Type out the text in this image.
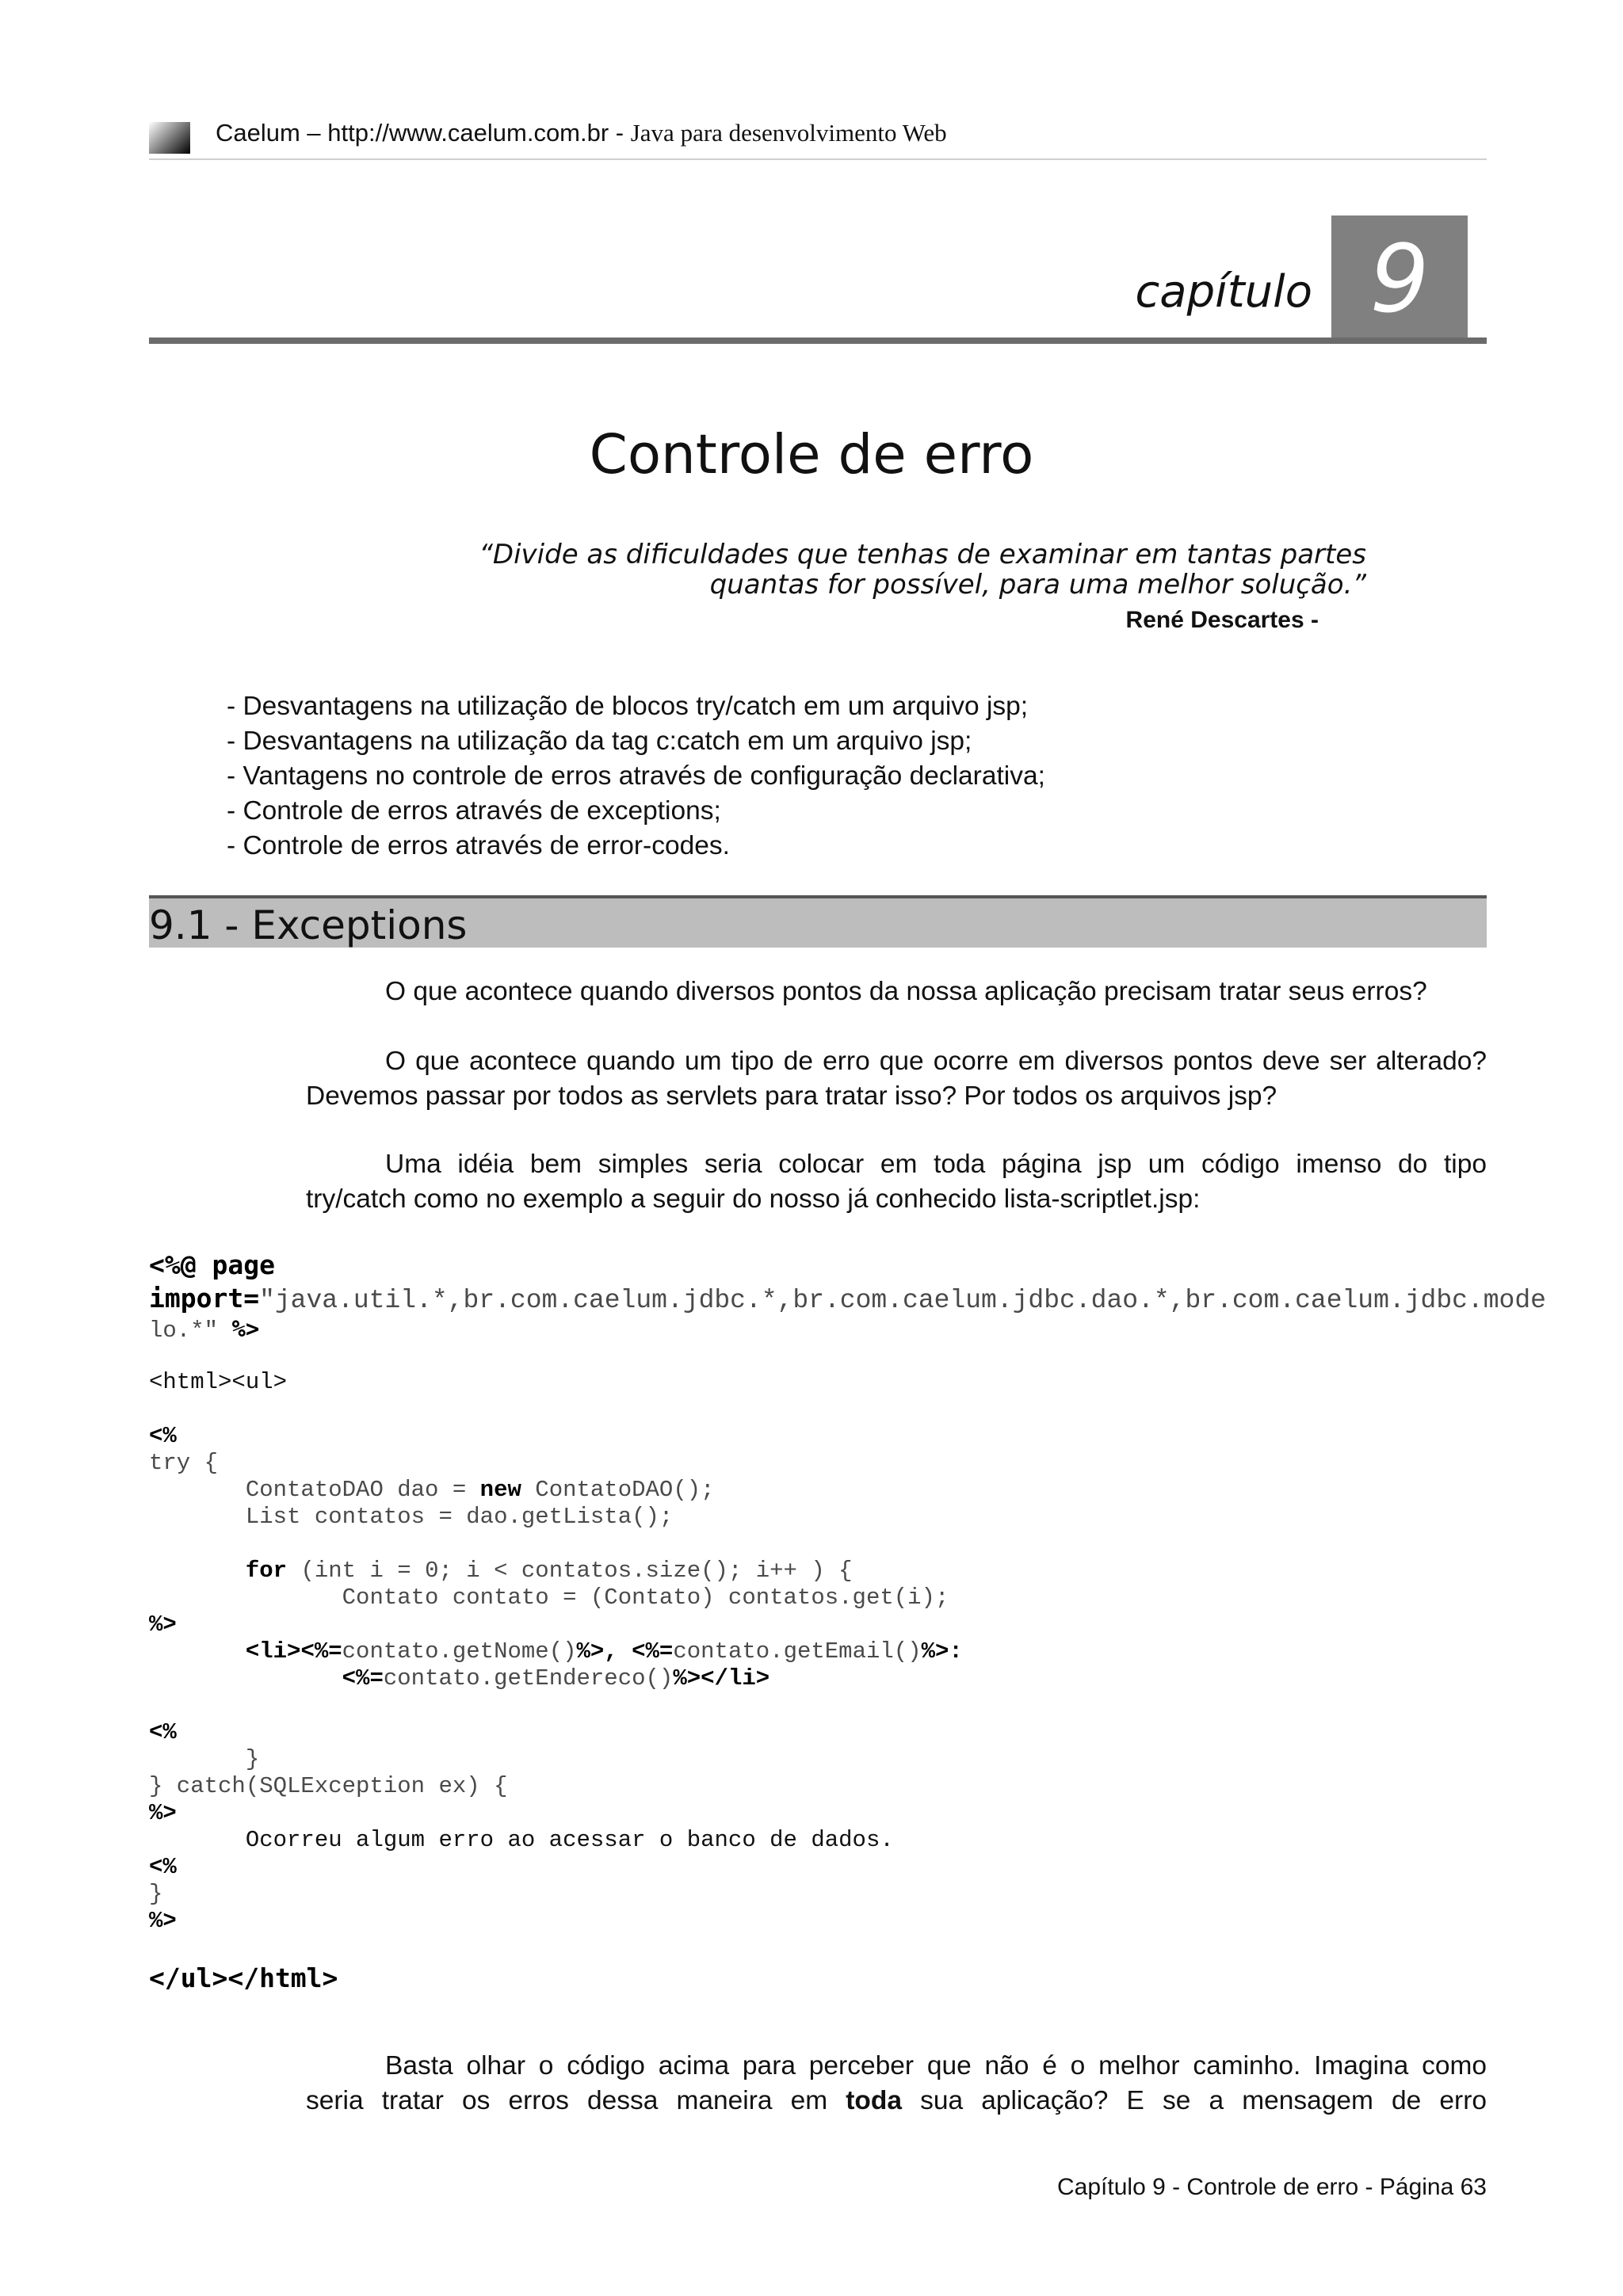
Caelum – http://www.caelum.com.br - Java para desenvolvimento Web
capítulo 9
Controle de erro
“Divide as dificuldades que tenhas de examinar em tantas partes
quantas for possível, para uma melhor solução.”
René Descartes -
- Desvantagens na utilização de blocos try/catch em um arquivo jsp;
- Desvantagens na utilização da tag c:catch em um arquivo jsp;
- Vantagens no controle de erros através de configuração declarativa;
- Controle de erros através de exceptions;
- Controle de erros através de error-codes.
9.1 - Exceptions
O que acontece quando diversos pontos da nossa aplicação precisam tratar seus erros?
O que acontece quando um tipo de erro que ocorre em diversos pontos deve ser alterado?
Devemos passar por todos as servlets para tratar isso? Por todos os arquivos jsp?
Uma idéia bem simples seria colocar em toda página jsp um código imenso do tipo
try/catch como no exemplo a seguir do nosso já conhecido lista-scriptlet.jsp:
<%@ page
import="java.util.*,br.com.caelum.jdbc.*,br.com.caelum.jdbc.dao.*,br.com.caelum.jdbc.mode
lo.*" %>

<html><ul>

<%
try {
ContatoDAO dao = new ContatoDAO();
List contatos = dao.getLista();

for (int i = 0; i < contatos.size(); i++ ) {
Contato contato = (Contato) contatos.get(i);
%>
<li><%=contato.getNome()%>, <%=contato.getEmail()%>:
<%=contato.getEndereco()%></li>

<%
}
} catch(SQLException ex) {
%>
Ocorreu algum erro ao acessar o banco de dados.
<%
}
%>

</ul></html>
Basta olhar o código acima para perceber que não é o melhor caminho. Imagina como
seria tratar os erros dessa maneira em toda sua aplicação? E se a mensagem de erro
Capítulo 9 - Controle de erro - Página 63
